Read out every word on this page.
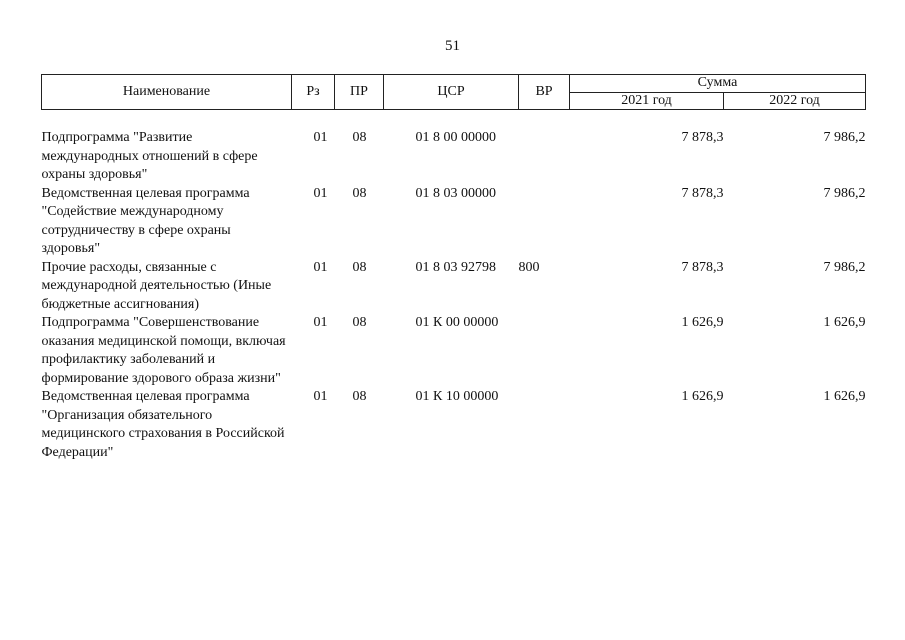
51
Наименование	Рз	ПР	ЦСР	ВР	Сумма	
					2021 год	2022 год

Подпрограмма "Развитие международных отношений в сфере охраны здоровья"	01	08	01 8 00 00000		7 878,3	7 986,2
Ведомственная целевая программа "Содействие международному сотрудничеству в сфере охраны здоровья"	01	08	01 8 03 00000		7 878,3	7 986,2
Прочие расходы, связанные с международной деятельностью (Иные бюджетные ассигнования)	01	08	01 8 03 92798	800	7 878,3	7 986,2
Подпрограмма "Совершенствование оказания медицинской помощи, включая профилактику заболеваний и формирование здорового образа жизни"	01	08	01 К 00 00000		1 626,9	1 626,9
Ведомственная целевая программа "Организация обязательного медицинского страхования в Российской Федерации"	01	08	01 К 10 00000		1 626,9	1 626,9
